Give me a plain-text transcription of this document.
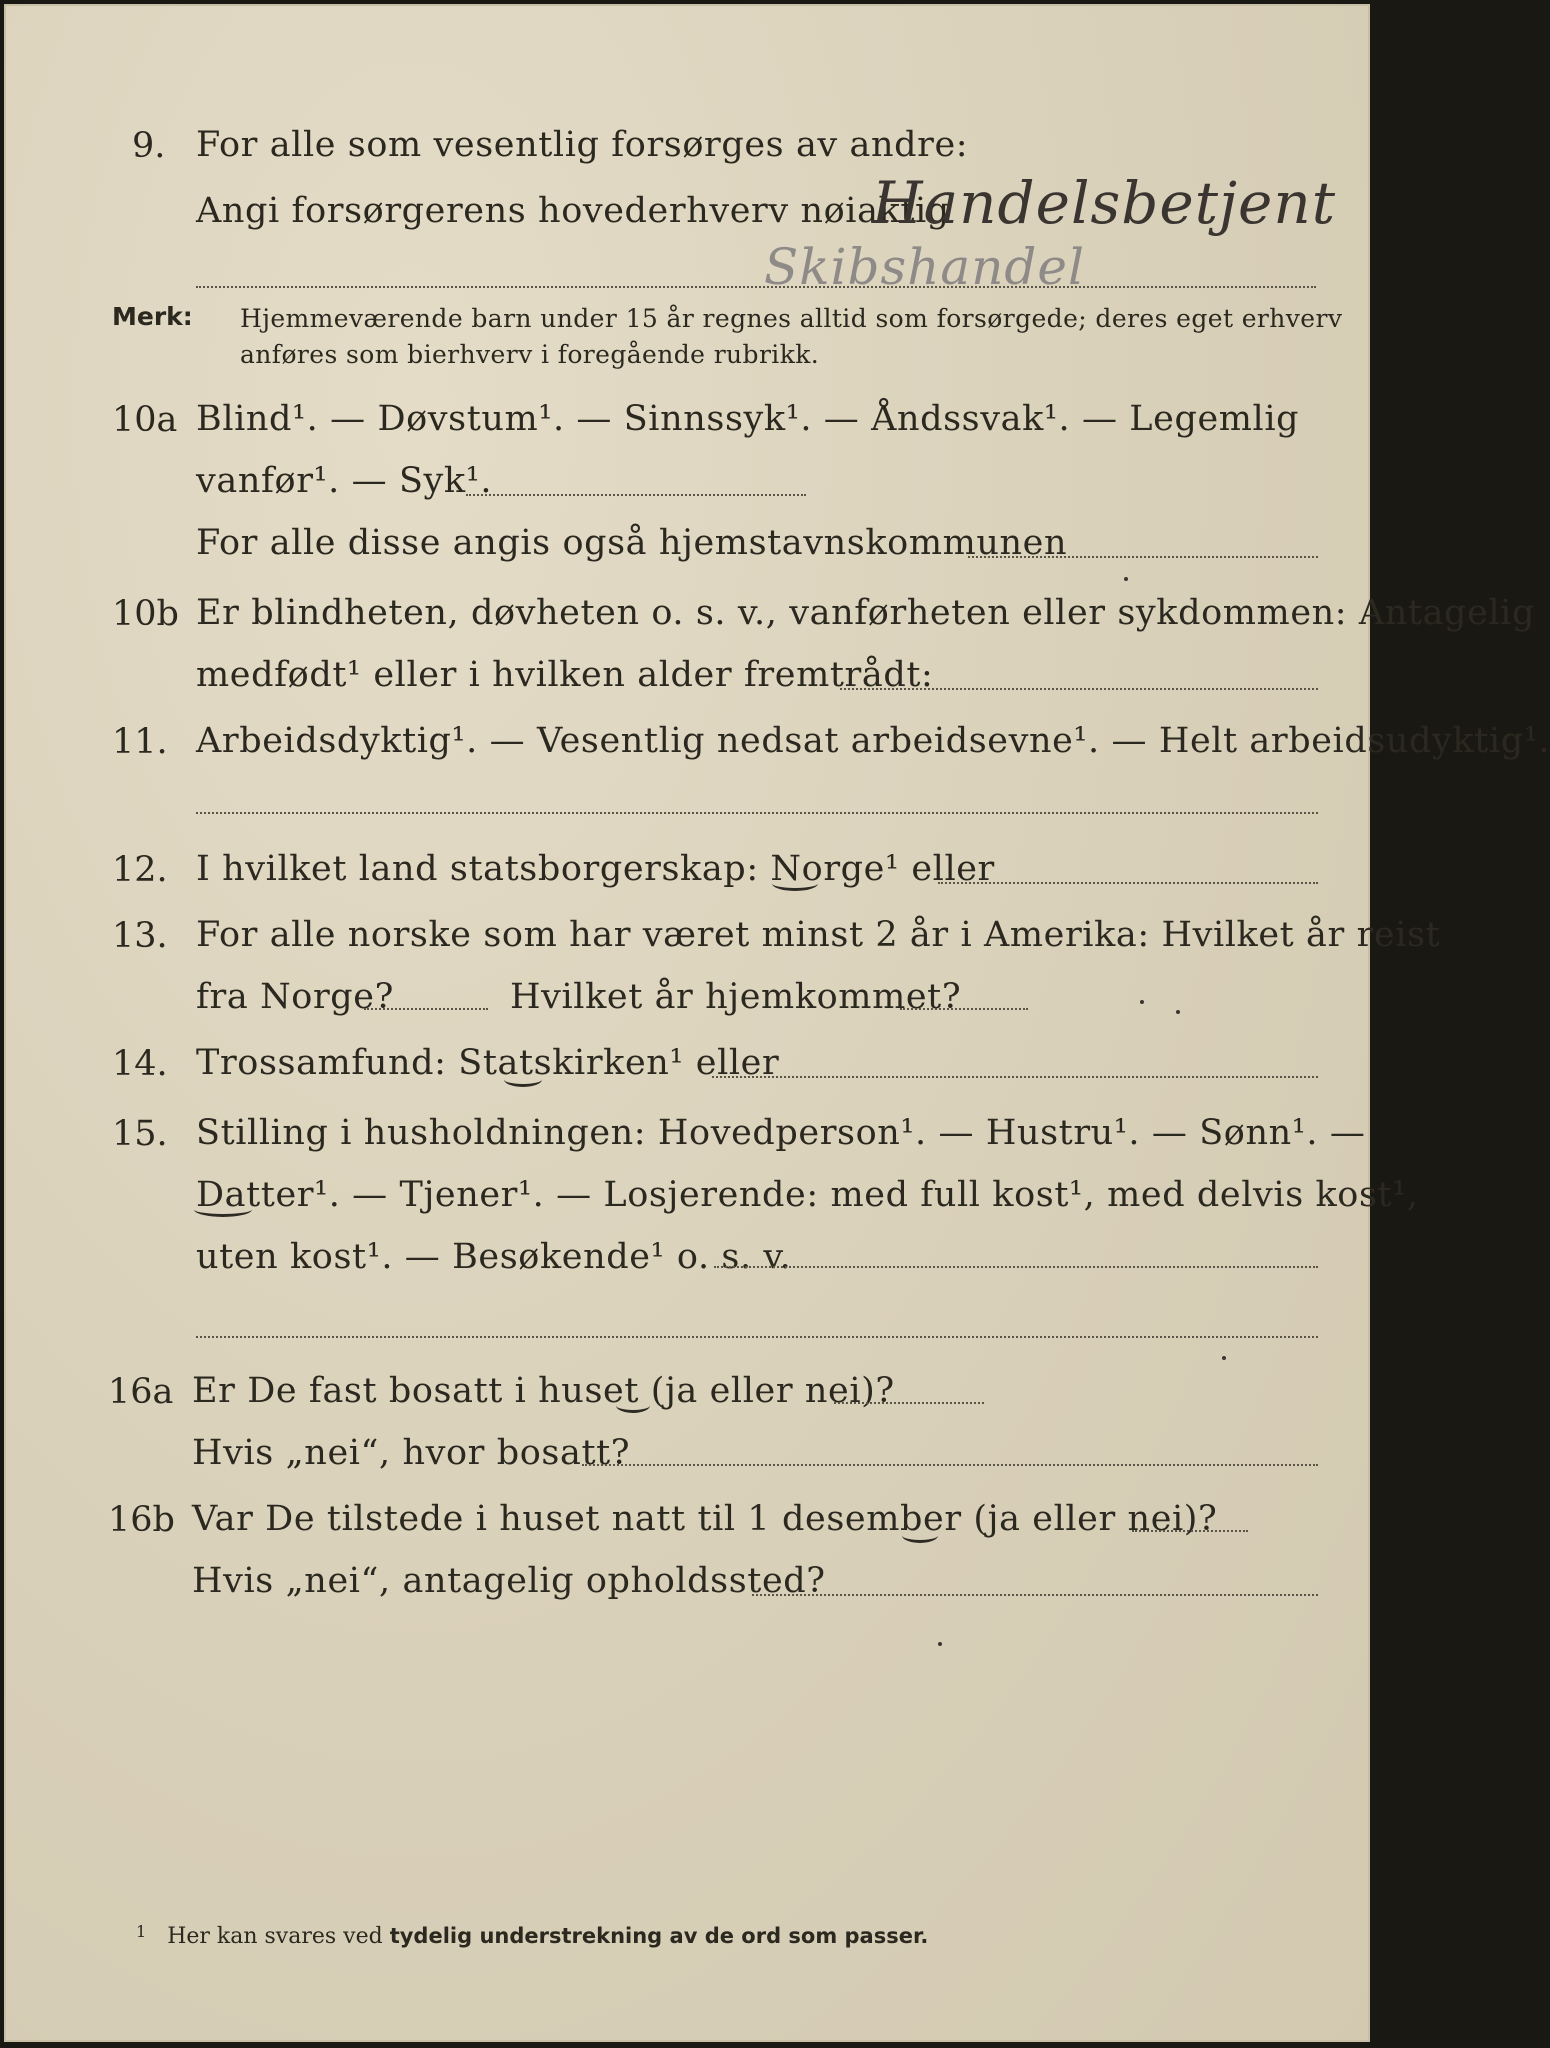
9. For alle som vesentlig forsørges av andre:
Angi forsørgerens hovederhverv nøiaktig
Handelsbetjent
Skibshandel
Merk: Hjemmeværende barn under 15 år regnes alltid som forsørgede; deres eget erhverv
anføres som bierhverv i foregående rubrikk.
10a Blind¹. — Døvstum¹. — Sinnssyk¹. — Åndssvak¹. — Legemlig
vanfør¹. — Syk¹.
For alle disse angis også hjemstavnskommunen
10b Er blindheten, døvheten o. s. v., vanførheten eller sykdommen: Antagelig
medfødt¹ eller i hvilken alder fremtrådt:
11. Arbeidsdyktig¹. — Vesentlig nedsat arbeidsevne¹. — Helt arbeidsudyktig¹.
12. I hvilket land statsborgerskap: Norge¹ eller
13. For alle norske som har været minst 2 år i Amerika: Hvilket år reist
fra Norge?	Hvilket år hjemkommet?
14. Trossamfund: Statskirken¹ eller
15. Stilling i husholdningen: Hovedperson¹. — Hustru¹. — Sønn¹. —
Datter¹. — Tjener¹. — Losjerende: med full kost¹, med delvis kost¹,
uten kost¹. — Besøkende¹ o. s. v.
16a Er De fast bosatt i huset (ja eller nei)?
Hvis „nei“, hvor bosatt?
16b Var De tilstede i huset natt til 1 desember (ja eller nei)?
Hvis „nei“, antagelig opholdssted?
$^1$ Her kan svares ved tydelig understrekning av de ord som passer.
